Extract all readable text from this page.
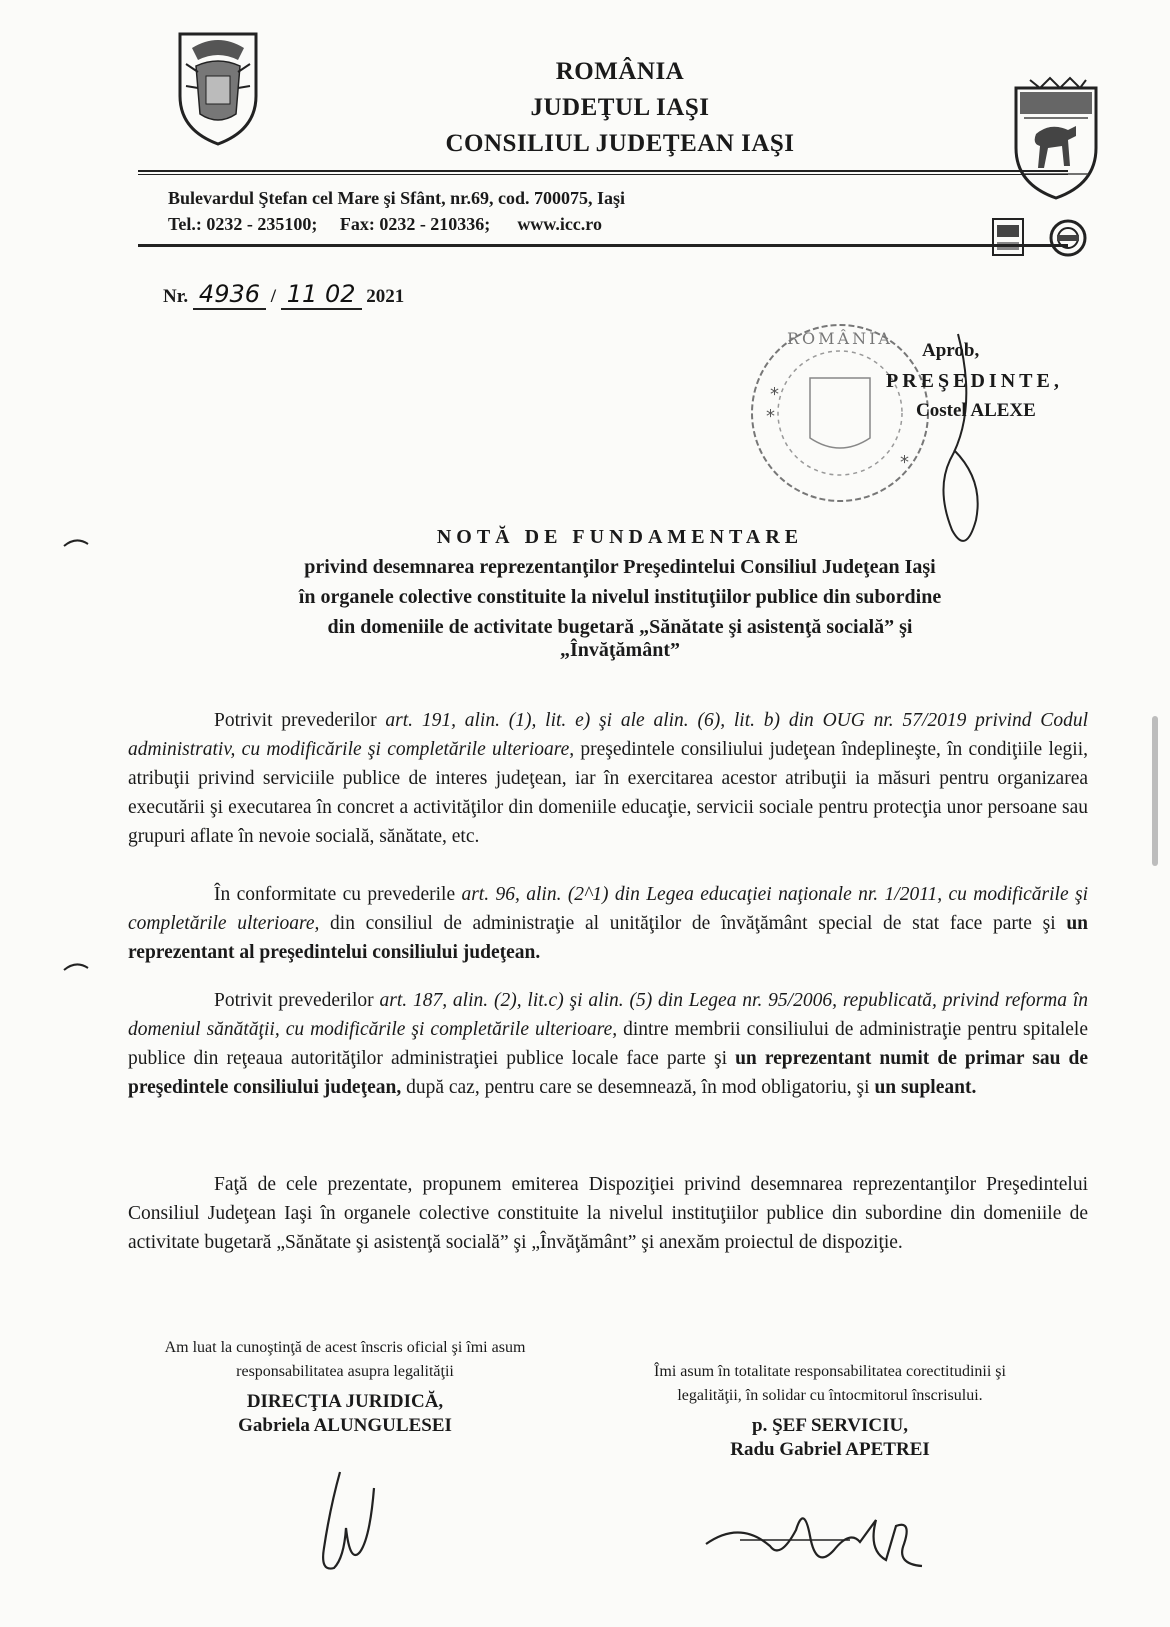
ROMÂNIA
JUDEŢUL IAŞI
CONSILIUL JUDEŢEAN IAŞI
Bulevardul Ştefan cel Mare şi Sfânt, nr.69, cod. 700075, Iaşi
Tel.: 0232 - 235100; Fax: 0232 - 210336; www.icc.ro
Nr. 4936 / 11 02 2021
ROMÂNIA
*
*
*
Aprob,
PREŞEDINTE,
Costel ALEXE
NOTĂ DE FUNDAMENTARE
privind desemnarea reprezentanţilor Preşedintelui Consiliul Judeţean Iaşi
în organele colective constituite la nivelul instituţiilor publice din subordine
din domeniile de activitate bugetară „Sănătate şi asistenţă socială” şi „Învăţământ”

Potrivit prevederilor art. 191, alin. (1), lit. e) şi ale alin. (6), lit. b) din OUG nr. 57/2019 privind Codul administrativ, cu modificările şi completările ulterioare, preşedintele consiliului judeţean îndeplineşte, în condiţiile legii, atribuţii privind serviciile publice de interes judeţean, iar în exercitarea acestor atribuţii ia măsuri pentru organizarea executării şi executarea în concret a activităţilor din domeniile educaţie, servicii sociale pentru protecţia unor persoane sau grupuri aflate în nevoie socială, sănătate, etc.

În conformitate cu prevederile art. 96, alin. (2^1) din Legea educaţiei naţionale nr. 1/2011, cu modificările şi completările ulterioare, din consiliul de administraţie al unităţilor de învăţământ special de stat face parte şi un reprezentant al preşedintelui consiliului judeţean.

Potrivit prevederilor art. 187, alin. (2), lit.c) şi alin. (5) din Legea nr. 95/2006, republicată, privind reforma în domeniul sănătăţii, cu modificările şi completările ulterioare, dintre membrii consiliului de administraţie pentru spitalele publice din reţeaua autorităţilor administraţiei publice locale face parte şi un reprezentant numit de primar sau de preşedintele consiliului judeţean, după caz, pentru care se desemnează, în mod obligatoriu, şi un supleant.

Faţă de cele prezentate, propunem emiterea Dispoziţiei privind desemnarea reprezentanţilor Preşedintelui Consiliul Judeţean Iaşi în organele colective constituite la nivelul instituţiilor publice din subordine din domeniile de activitate bugetară „Sănătate şi asistenţă socială” şi „Învăţământ” şi anexăm proiectul de dispoziţie.

Am luat la cunoştinţă de acest înscris oficial şi îmi asum
responsabilitatea asupra legalităţii
DIRECŢIA JURIDICĂ,
Gabriela ALUNGULESEI
Îmi asum în totalitate responsabilitatea corectitudinii şi
legalităţii, în solidar cu întocmitorul înscrisului.
p. ŞEF SERVICIU,
Radu Gabriel APETREI
